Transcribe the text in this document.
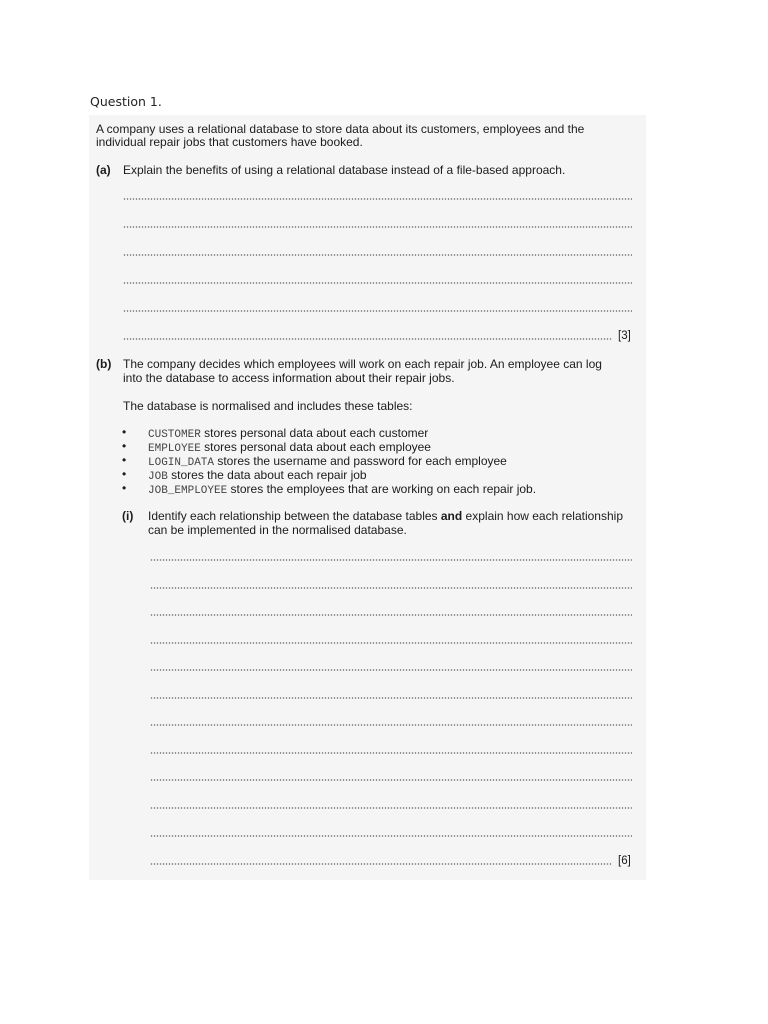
Question 1.
A company uses a relational database to store data about its customers, employees and the
individual repair jobs that customers have booked.
(a) Explain the benefits of using a relational database instead of a file-based approach.
[3]
(b) The company decides which employees will work on each repair job. An employee can log
into the database to access information about their repair jobs.
The database is normalised and includes these tables:
• CUSTOMER stores personal data about each customer
• EMPLOYEE stores personal data about each employee
• LOGIN_DATA stores the username and password for each employee
• JOB stores the data about each repair job
• JOB_EMPLOYEE stores the employees that are working on each repair job.
(i) Identify each relationship between the database tables and explain how each relationship
can be implemented in the normalised database.
[6]
